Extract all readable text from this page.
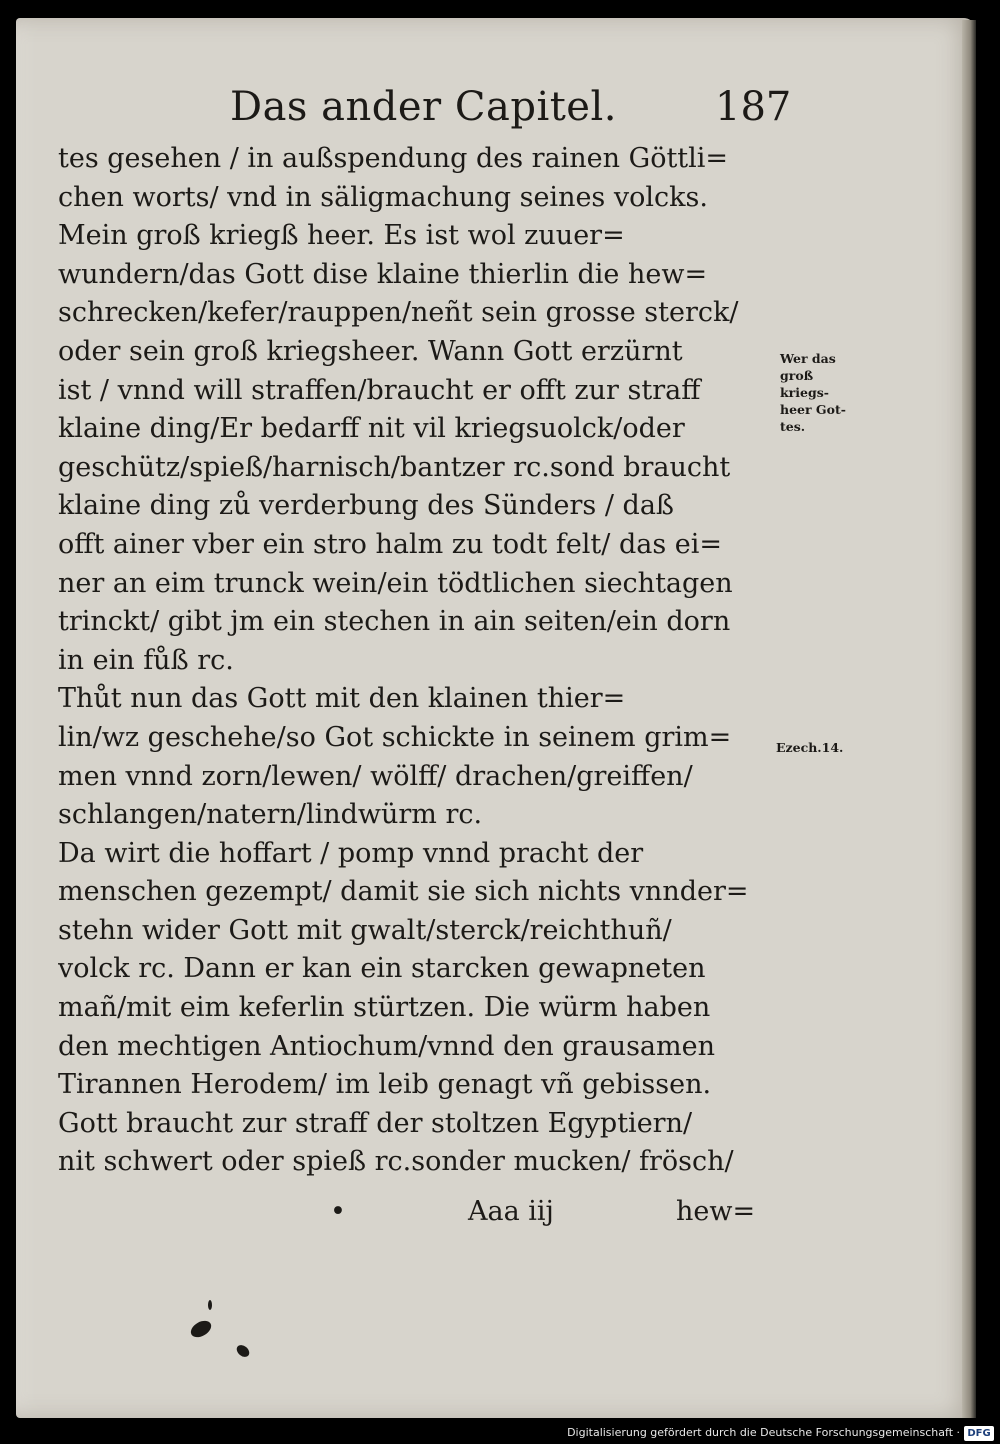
Das ander Capitel. 187
tes gesehen / in außspendung des rainen Göttli=
chen worts/ vnd in säligmachung seines volcks.
Mein groß kriegß heer. Es ist wol zuuer=
wundern/das Gott dise klaine thierlin die hew=
schrecken/kefer/rauppen/neñt sein grosse sterck/
oder sein groß kriegsheer. Wann Gott erzürnt
ist / vnnd will straffen/braucht er offt zur straff
klaine ding/Er bedarff nit vil kriegsuolck/oder
geschütz/spieß/harnisch/bantzer rc.sond braucht
klaine ding zů verderbung des Sünders / daß
offt ainer vber ein stro halm zu todt felt/ das ei=
ner an eim trunck wein/ein tödtlichen siechtagen
trinckt/ gibt jm ein stechen in ain seiten/ein dorn
in ein fůß rc.
Thůt nun das Gott mit den klainen thier=
lin/wz geschehe/so Got schickte in seinem grim=
men vnnd zorn/lewen/ wölff/ drachen/greiffen/
schlangen/natern/lindwürm rc.
Da wirt die hoffart / pomp vnnd pracht der
menschen gezempt/ damit sie sich nichts vnnder=
stehn wider Gott mit gwalt/sterck/reichthuñ/
volck rc. Dann er kan ein starcken gewapneten
mañ/mit eim keferlin stürtzen. Die würm haben
den mechtigen Antiochum/vnnd den grausamen
Tirannen Herodem/ im leib genagt vñ gebissen.
Gott braucht zur straff der stoltzen Egyptiern/
nit schwert oder spieß rc.sonder mucken/ frösch/
Wer das
groß
kriegs-
heer Got-
tes.
Ezech.14.
•	Aaa iij	hew=
Digitalisierung gefördert durch die Deutsche Forschungsgemeinschaft · DFG
